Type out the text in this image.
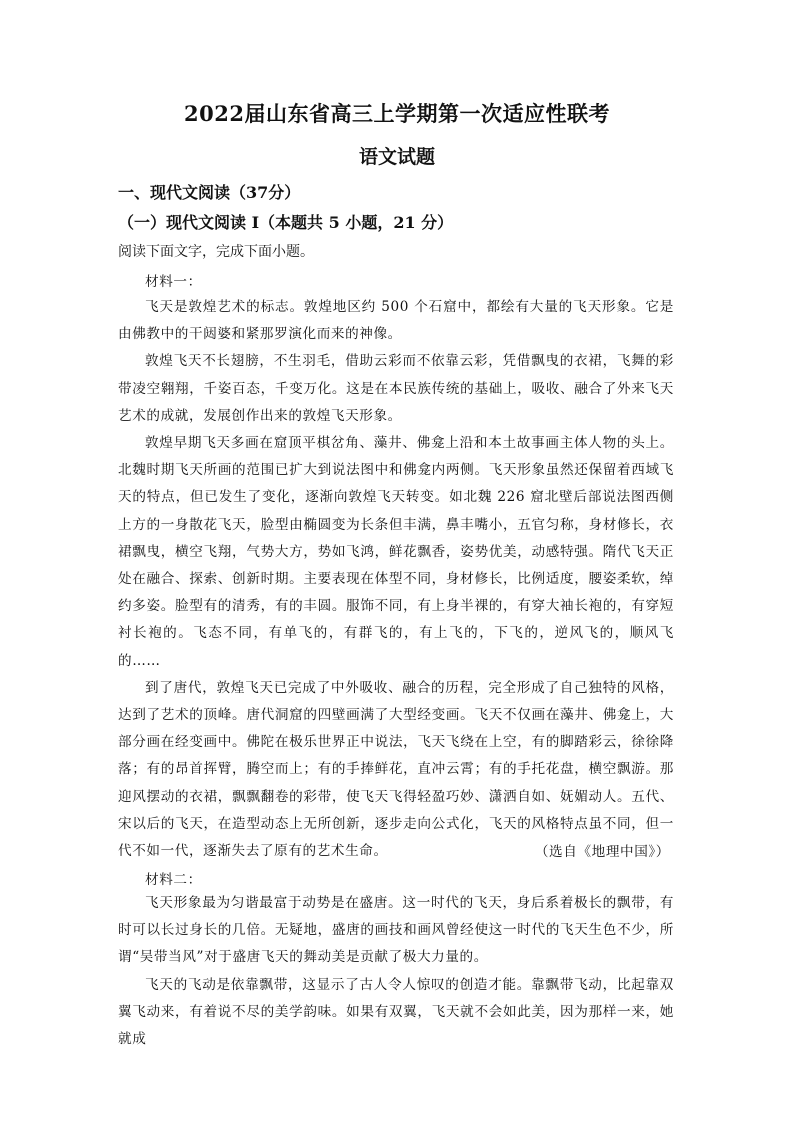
2022届山东省高三上学期第一次适应性联考
语文试题
一、现代文阅读（37分）
（一）现代文阅读 I（本题共 5 小题，21 分）
阅读下面文字，完成下面小题。
材料一：

飞天是敦煌艺术的标志。敦煌地区约 500 个石窟中，都绘有大量的飞天形象。它是由佛教中的干闼婆和紧那罗演化而来的神像。

敦煌飞天不长翅膀，不生羽毛，借助云彩而不依靠云彩，凭借飘曳的衣裙，飞舞的彩带凌空翱翔，千姿百态，千变万化。这是在本民族传统的基础上，吸收、融合了外来飞天艺术的成就，发展创作出来的敦煌飞天形象。

敦煌早期飞天多画在窟顶平棋岔角、藻井、佛龛上沿和本土故事画主体人物的头上。北魏时期飞天所画的范围已扩大到说法图中和佛龛内两侧。飞天形象虽然还保留着西域飞天的特点，但已发生了变化，逐渐向敦煌飞天转变。如北魏 226 窟北壁后部说法图西侧上方的一身散花飞天，脸型由椭圆变为长条但丰满，鼻丰嘴小，五官匀称，身材修长，衣裙飘曳，横空飞翔，气势大方，势如飞鸿，鲜花飘香，姿势优美，动感特强。隋代飞天正处在融合、探索、创新时期。主要表现在体型不同，身材修长，比例适度，腰姿柔软，绰约多姿。脸型有的清秀，有的丰圆。服饰不同，有上身半裸的，有穿大袖长袍的，有穿短衬长袍的。飞态不同，有单飞的，有群飞的，有上飞的，下飞的，逆风飞的，顺风飞的……

到了唐代，敦煌飞天已完成了中外吸收、融合的历程，完全形成了自己独特的风格，达到了艺术的顶峰。唐代洞窟的四壁画满了大型经变画。飞天不仅画在藻井、佛龛上，大部分画在经变画中。佛陀在极乐世界正中说法，飞天飞绕在上空，有的脚踏彩云，徐徐降落；有的昂首挥臂，腾空而上；有的手捧鲜花，直冲云霄；有的手托花盘，横空飘游。那迎风摆动的衣裙，飘飘翻卷的彩带，使飞天飞得轻盈巧妙、潇洒自如、妩媚动人。五代、宋以后的飞天，在造型动态上无所创新，逐步走向公式化，飞天的风格特点虽不同，但一代不如一代，逐渐失去了原有的艺术生命。	（选自《地理中国》）
材料二：

飞天形象最为匀谐最富于动势是在盛唐。这一时代的飞天，身后系着极长的飘带，有时可以长过身长的几倍。无疑地，盛唐的画技和画风曾经使这一时代的飞天生色不少，所谓“吴带当风”对于盛唐飞天的舞动美是贡献了极大力量的。

飞天的飞动是依靠飘带，这显示了古人令人惊叹的创造才能。靠飘带飞动，比起靠双翼飞动来，有着说不尽的美学韵味。如果有双翼，飞天就不会如此美，因为那样一来，她就成
